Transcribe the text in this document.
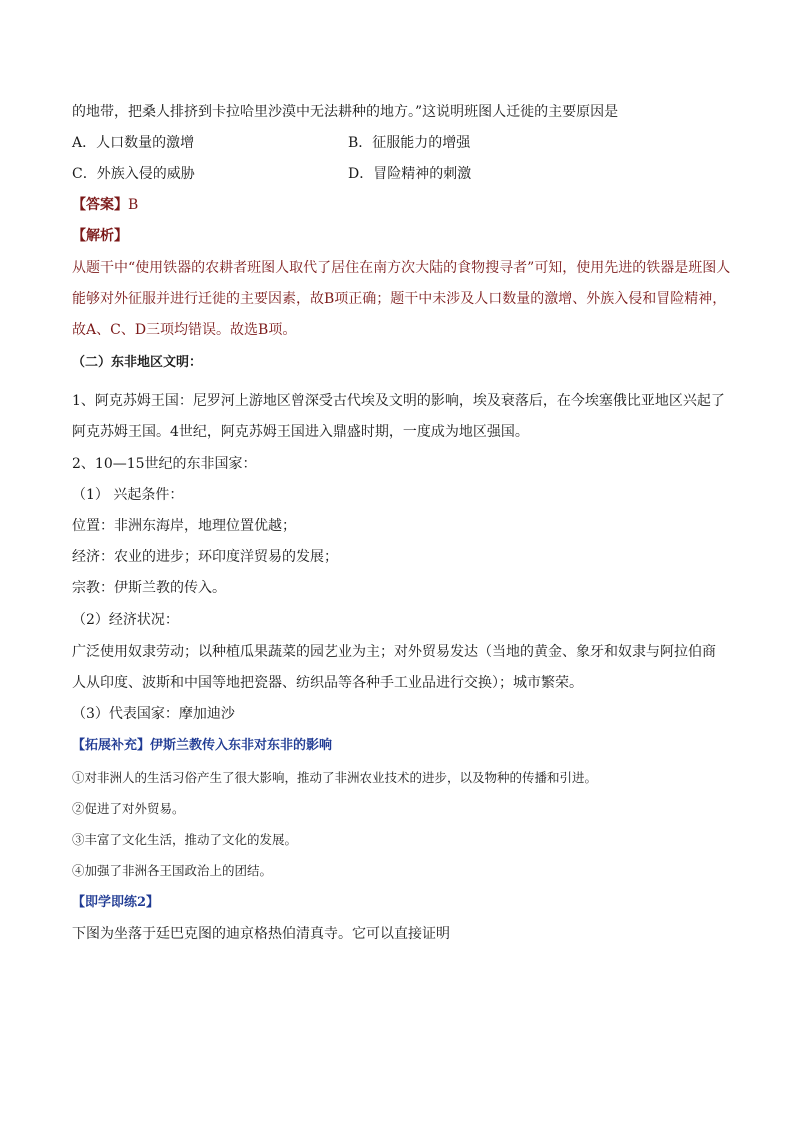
的地带，把桑人排挤到卡拉哈里沙漠中无法耕种的地方。”这说明班图人迁徙的主要原因是
A．人口数量的激增	B．征服能力的增强
C．外族入侵的威胁	D．冒险精神的刺激
【答案】B
【解析】
从题干中“使用铁器的农耕者班图人取代了居住在南方次大陆的食物搜寻者”可知，使用先进的铁器是班图人
能够对外征服并进行迁徙的主要因素，故B项正确；题干中未涉及人口数量的激增、外族入侵和冒险精神，
故A、C、D三项均错误。故选B项。
（二）东非地区文明：
1、阿克苏姆王国：尼罗河上游地区曾深受古代埃及文明的影响，埃及衰落后，在今埃塞俄比亚地区兴起了
阿克苏姆王国。4世纪，阿克苏姆王国进入鼎盛时期，一度成为地区强国。
2、10—15世纪的东非国家：
（1） 兴起条件：
位置：非洲东海岸，地理位置优越；
经济：农业的进步；环印度洋贸易的发展；
宗教：伊斯兰教的传入。
（2）经济状况：
广泛使用奴隶劳动；以种植瓜果蔬菜的园艺业为主；对外贸易发达（当地的黄金、象牙和奴隶与阿拉伯商
人从印度、波斯和中国等地把瓷器、纺织品等各种手工业品进行交换）；城市繁荣。
（3）代表国家：摩加迪沙
【拓展补充】伊斯兰教传入东非对东非的影响
①对非洲人的生活习俗产生了很大影响，推动了非洲农业技术的进步，以及物种的传播和引进。
②促进了对外贸易。
③丰富了文化生活，推动了文化的发展。
④加强了非洲各王国政治上的团结。
【即学即练2】
下图为坐落于廷巴克图的迪京格热伯清真寺。它可以直接证明
